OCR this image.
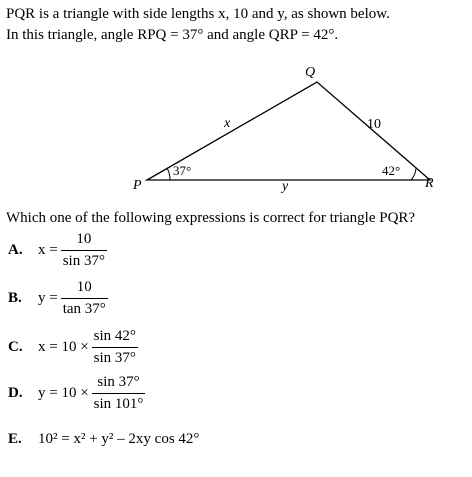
PQR is a triangle with side lengths x, 10 and y, as shown below.
In this triangle, angle RPQ = 37° and angle QRP = 42°.
P
Q
R
x	10
y
37°	42°
Which one of the following expressions is correct for triangle PQR?
A.	$x = \frac{10}{\sin 37^\circ}$
B.	$y = \frac{10}{\tan 37^\circ}$
C.	$x = 10 \times \frac{\sin 42^\circ}{\sin 37^\circ}$
D.	$y = 10 \times \frac{\sin 37^\circ}{\sin 101^\circ}$
E.	10² = x² + y² – 2xy cos 42°
